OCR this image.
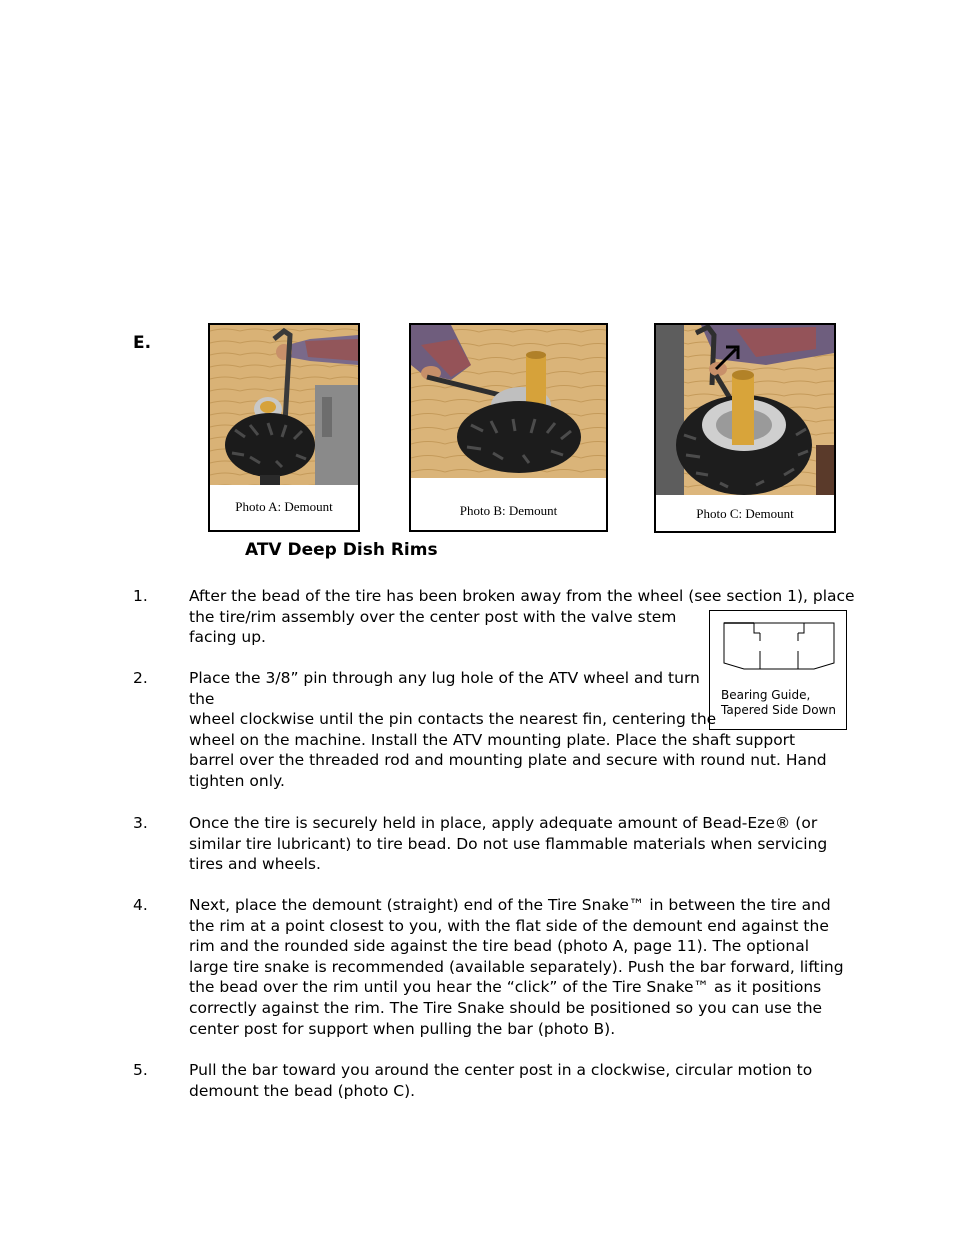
E.
Photo A: Demount	Photo B: Demount	Photo C: Demount
ATV Deep Dish Rims
Bearing Guide,
Tapered Side Down
1.	After the bead of the tire has been broken away from the wheel (see section 1), place
the tire/rim assembly over the center post with the valve stem
facing up.
2.	Place the 3/8” pin through any lug hole of the ATV wheel and turn
the
wheel clockwise until the pin contacts the nearest fin, centering the
wheel on the machine. Install the ATV mounting plate. Place the shaft support
barrel over the threaded rod and mounting plate and secure with round nut. Hand
tighten only.
3.	Once the tire is securely held in place, apply adequate amount of Bead-Eze® (or
similar tire lubricant) to tire bead. Do not use flammable materials when servicing
tires and wheels.
4.	Next, place the demount (straight) end of the Tire Snake™ in between the tire and
the rim at a point closest to you, with the flat side of the demount end against the
rim and the rounded side against the tire bead (photo A, page 11). The optional
large tire snake is recommended (available separately). Push the bar forward, lifting
the bead over the rim until you hear the “click” of the Tire Snake™ as it positions
correctly against the rim. The Tire Snake should be positioned so you can use the
center post for support when pulling the bar (photo B).
5.	Pull the bar toward you around the center post in a clockwise, circular motion to
demount the bead (photo C).
